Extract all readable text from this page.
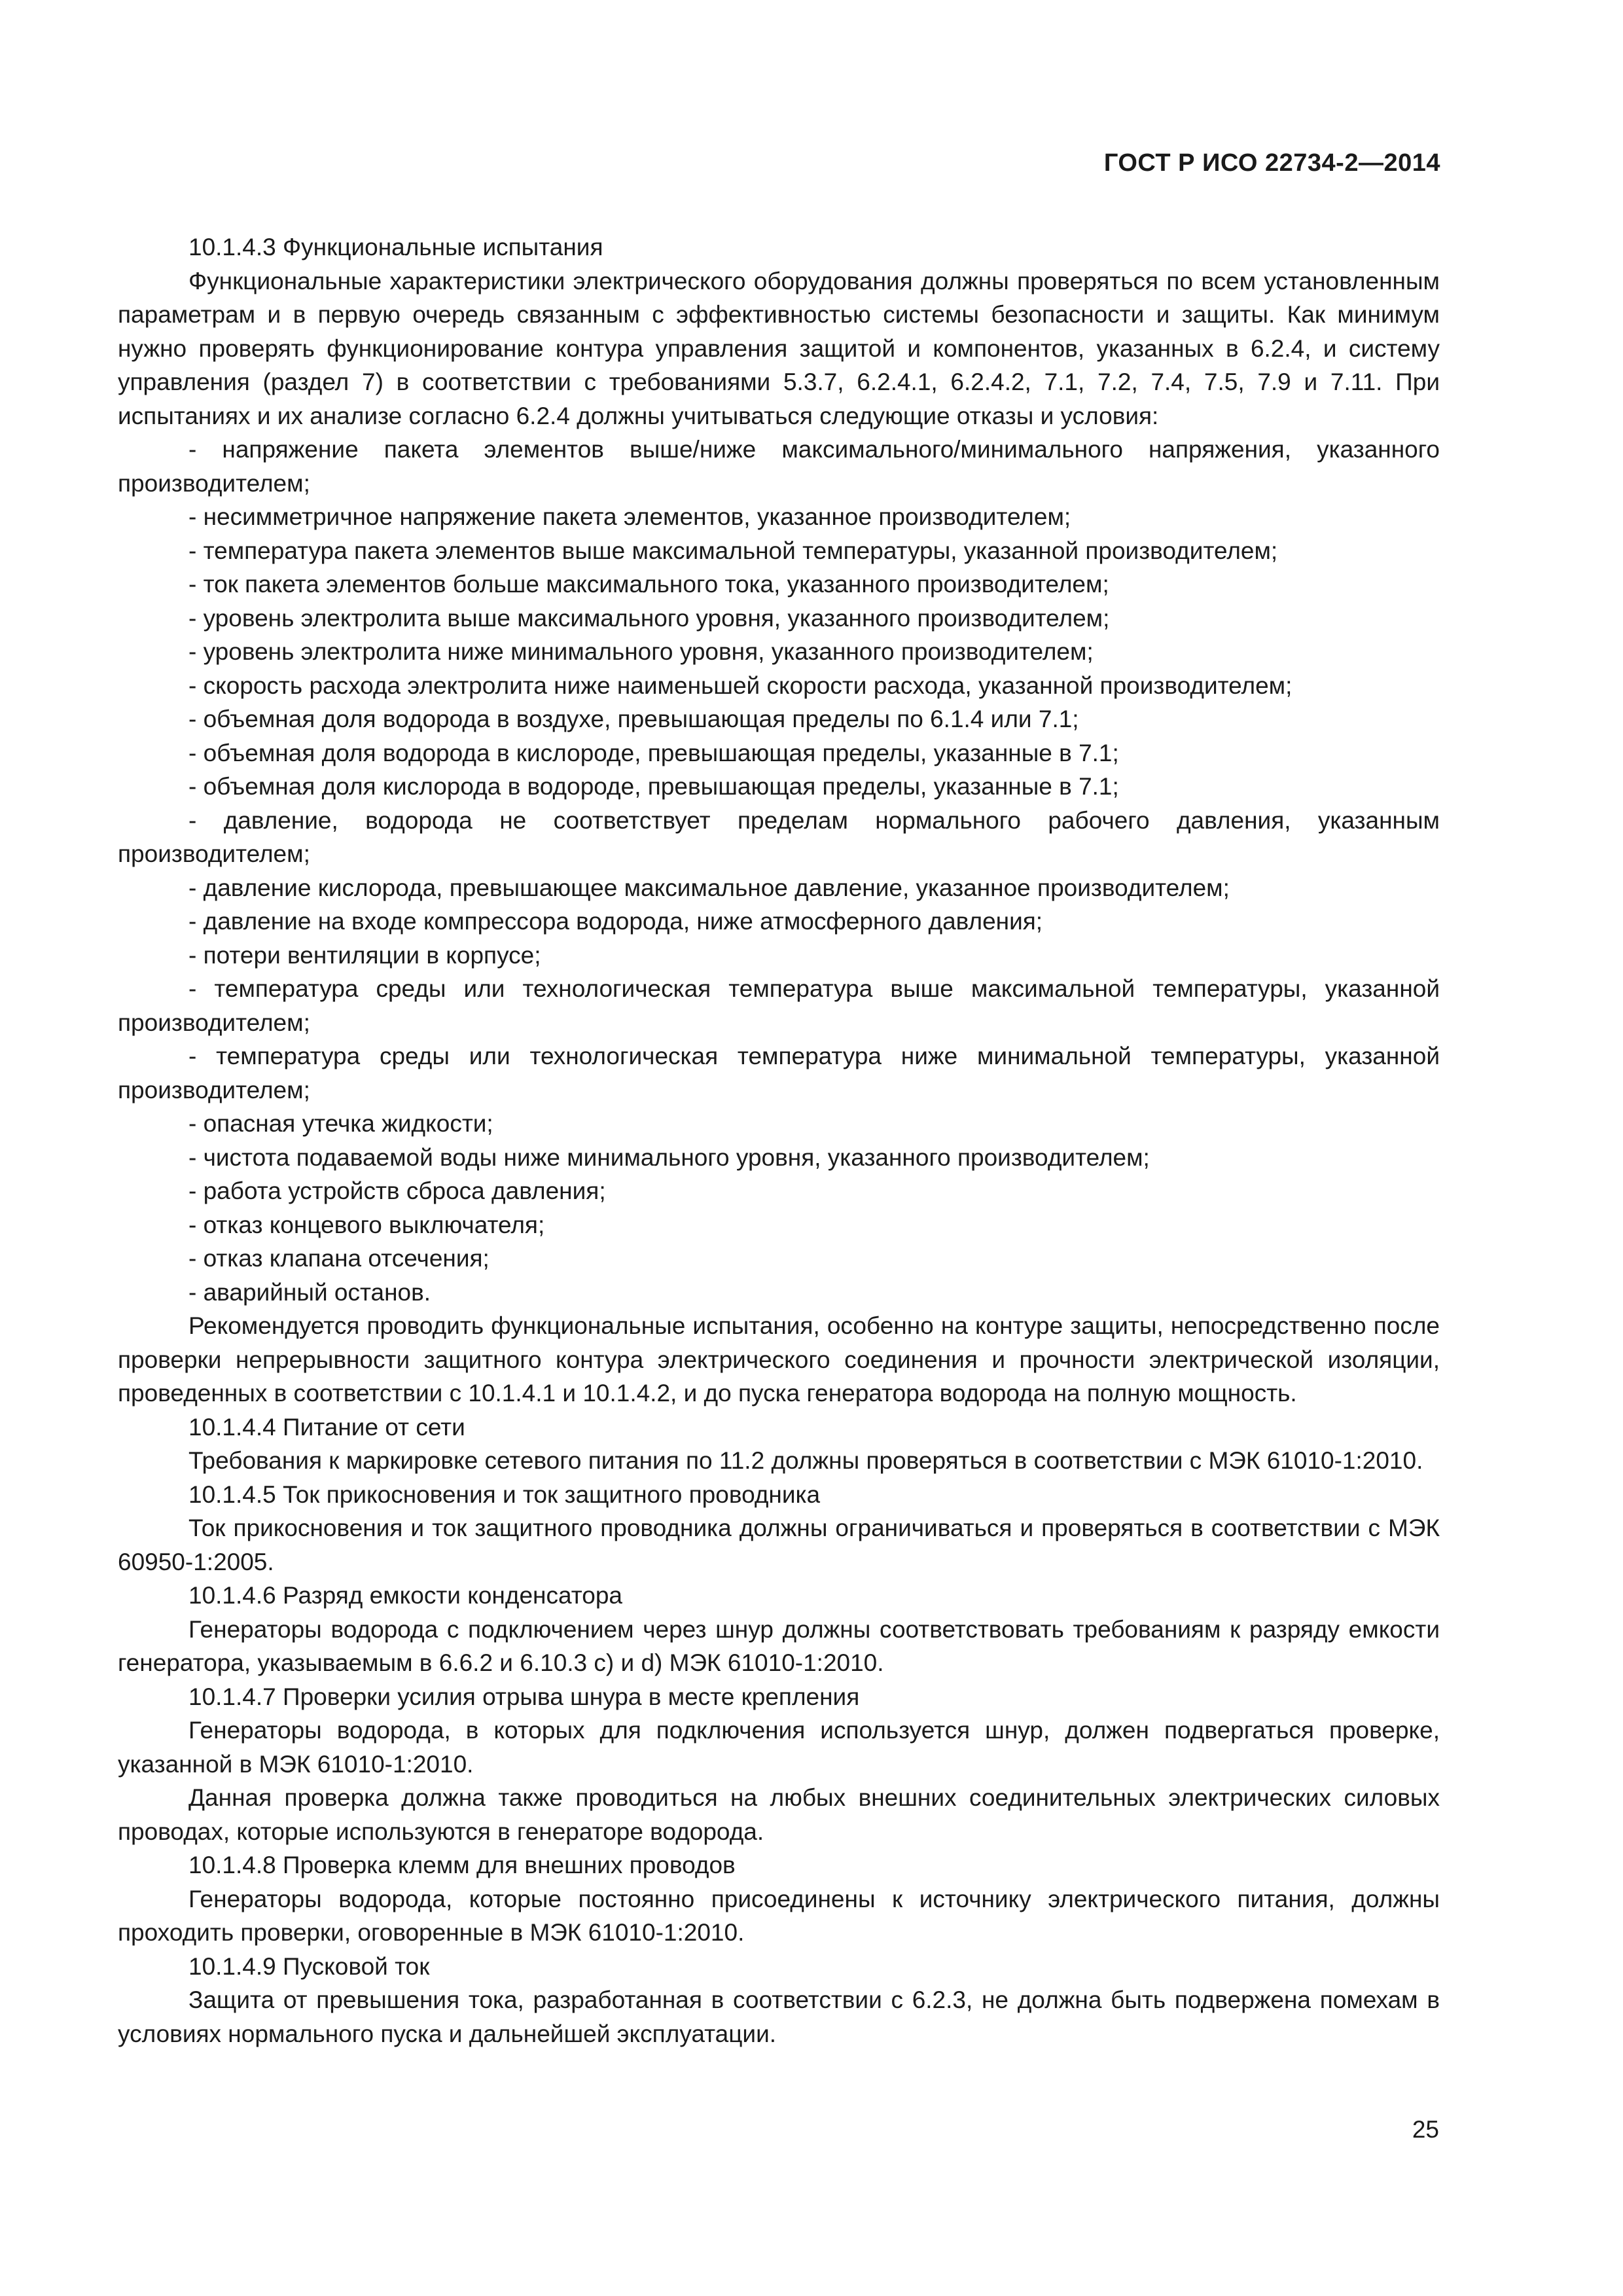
ГОСТ Р ИСО 22734-2—2014

10.1.4.3 Функциональные испытания

Функциональные характеристики электрического оборудования должны проверяться по всем установленным параметрам и в первую очередь связанным с эффективностью системы безопасности и защиты. Как минимум нужно проверять функционирование контура управления защитой и компонентов, указанных в 6.2.4, и систему управления (раздел 7) в соответствии с требованиями 5.3.7, 6.2.4.1, 6.2.4.2, 7.1, 7.2, 7.4, 7.5, 7.9 и 7.11. При испытаниях и их анализе согласно 6.2.4 должны учитываться следующие отказы и условия:

- напряжение пакета элементов выше/ниже максимального/минимального напряжения, указанного производителем;

- несимметричное напряжение пакета элементов, указанное производителем;

- температура пакета элементов выше максимальной температуры, указанной производителем;

- ток пакета элементов больше максимального тока, указанного производителем;

- уровень электролита выше максимального уровня, указанного производителем;

- уровень электролита ниже минимального уровня, указанного производителем;

- скорость расхода электролита ниже наименьшей скорости расхода, указанной производителем;

- объемная доля водорода в воздухе, превышающая пределы по 6.1.4 или 7.1;

- объемная доля водорода в кислороде, превышающая пределы, указанные в 7.1;

- объемная доля кислорода в водороде, превышающая пределы, указанные в 7.1;

- давление, водорода не соответствует пределам нормального рабочего давления, указанным производителем;

- давление кислорода, превышающее максимальное давление, указанное производителем;

- давление на входе компрессора водорода, ниже атмосферного давления;

- потери вентиляции в корпусе;

- температура среды или технологическая температура выше максимальной температуры, указанной производителем;

- температура среды или технологическая температура ниже минимальной температуры, указанной производителем;

- опасная утечка жидкости;

- чистота подаваемой воды ниже минимального уровня, указанного производителем;

- работа устройств сброса давления;

- отказ концевого выключателя;

- отказ клапана отсечения;

- аварийный останов.

Рекомендуется проводить функциональные испытания, особенно на контуре защиты, непосредственно после проверки непрерывности защитного контура электрического соединения и прочности электрической изоляции, проведенных в соответствии с 10.1.4.1 и 10.1.4.2, и до пуска генератора водорода на полную мощность.

10.1.4.4 Питание от сети

Требования к маркировке сетевого питания по 11.2 должны проверяться в соответствии с МЭК 61010-1:2010.

10.1.4.5 Ток прикосновения и ток защитного проводника

Ток прикосновения и ток защитного проводника должны ограничиваться и проверяться в соответствии с МЭК 60950-1:2005.

10.1.4.6 Разряд емкости конденсатора

Генераторы водорода с подключением через шнур должны соответствовать требованиям к разряду емкости генератора, указываемым в 6.6.2 и 6.10.3 с) и d) МЭК 61010-1:2010.

10.1.4.7 Проверки усилия отрыва шнура в месте крепления

Генераторы водорода, в которых для подключения используется шнур, должен подвергаться проверке, указанной в МЭК 61010-1:2010.

Данная проверка должна также проводиться на любых внешних соединительных электрических силовых проводах, которые используются в генераторе водорода.

10.1.4.8 Проверка клемм для внешних проводов

Генераторы водорода, которые постоянно присоединены к источнику электрического питания, должны проходить проверки, оговоренные в МЭК 61010-1:2010.

10.1.4.9 Пусковой ток

Защита от превышения тока, разработанная в соответствии с 6.2.3, не должна быть подвержена помехам в условиях нормального пуска и дальнейшей эксплуатации.

25
